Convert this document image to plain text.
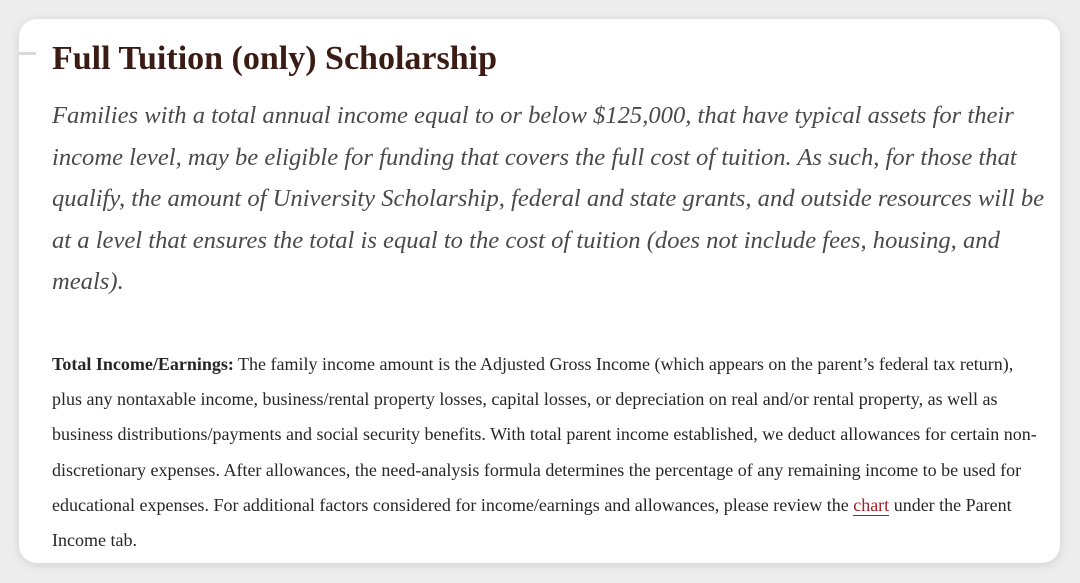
Full Tuition (only) Scholarship

Families with a total annual income equal to or below $125,000, that have typical assets for their income level, may be eligible for funding that covers the full cost of tuition. As such, for those that qualify, the amount of University Scholarship, federal and state grants, and outside resources will be at a level that ensures the total is equal to the cost of tuition (does not include fees, housing, and meals).

Total Income/Earnings: The family income amount is the Adjusted Gross Income (which appears on the parent’s federal tax return), plus any nontaxable income, business/rental property losses, capital losses, or depreciation on real and/or rental property, as well as business distributions/payments and social security benefits. With total parent income established, we deduct allowances for certain non-discretionary expenses. After allowances, the need-analysis formula determines the percentage of any remaining income to be used for educational expenses. For additional factors considered for income/earnings and allowances, please review the chart under the Parent Income tab.
